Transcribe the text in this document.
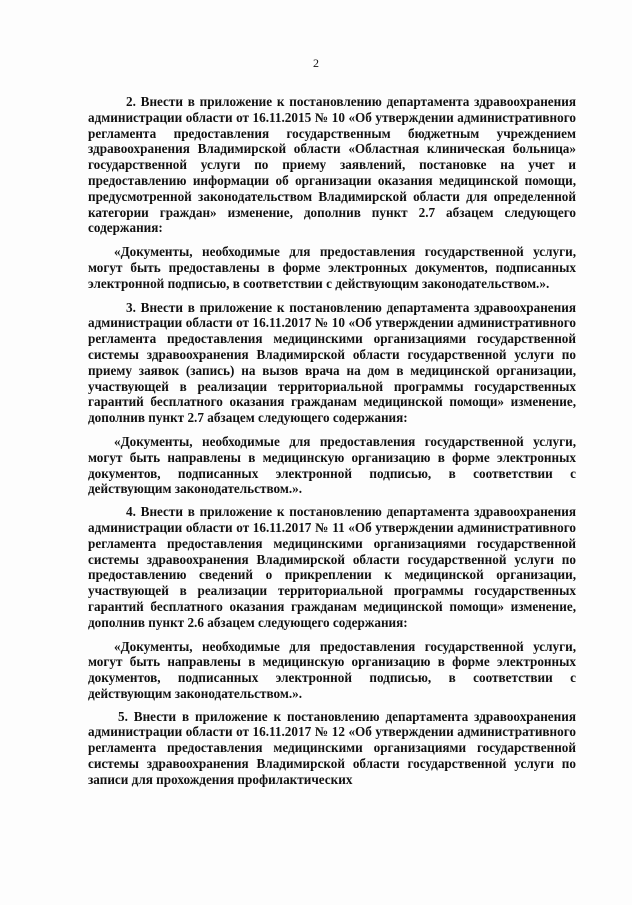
2

2. Внести в приложение к постановлению департамента здравоохранения администрации области от 16.11.2015 № 10 «Об утверждении административного регламента предоставления государственным бюджетным учреждением здравоохранения Владимирской области «Областная клиническая больница» государственной услуги по приему заявлений, постановке на учет и предоставлению информации об организации оказания медицинской помощи, предусмотренной законодательством Владимирской области для определенной категории граждан» изменение, дополнив пункт 2.7 абзацем следующего содержания:

«Документы, необходимые для предоставления государственной услуги, могут быть предоставлены в форме электронных документов, подписанных электронной подписью, в соответствии с действующим законодательством.».

3. Внести в приложение к постановлению департамента здравоохранения администрации области от 16.11.2017 № 10 «Об утверждении административного регламента предоставления медицинскими организациями государственной системы здравоохранения Владимирской области государственной услуги по приему заявок (запись) на вызов врача на дом в медицинской организации, участвующей в реализации территориальной программы государственных гарантий бесплатного оказания гражданам медицинской помощи» изменение, дополнив пункт 2.7 абзацем следующего содержания:

«Документы, необходимые для предоставления государственной услуги, могут быть направлены в медицинскую организацию в форме электронных документов, подписанных электронной подписью, в соответствии с действующим законодательством.».

4. Внести в приложение к постановлению департамента здравоохранения администрации области от 16.11.2017 № 11 «Об утверждении административного регламента предоставления медицинскими организациями государственной системы здравоохранения Владимирской области государственной услуги по предоставлению сведений о прикреплении к медицинской организации, участвующей в реализации территориальной программы государственных гарантий бесплатного оказания гражданам медицинской помощи» изменение, дополнив пункт 2.6 абзацем следующего содержания:

«Документы, необходимые для предоставления государственной услуги, могут быть направлены в медицинскую организацию в форме электронных документов, подписанных электронной подписью, в соответствии с действующим законодательством.».

5. Внести в приложение к постановлению департамента здравоохранения администрации области от 16.11.2017 № 12 «Об утверждении административного регламента предоставления медицинскими организациями государственной системы здравоохранения Владимирской области государственной услуги по записи для прохождения профилактических
